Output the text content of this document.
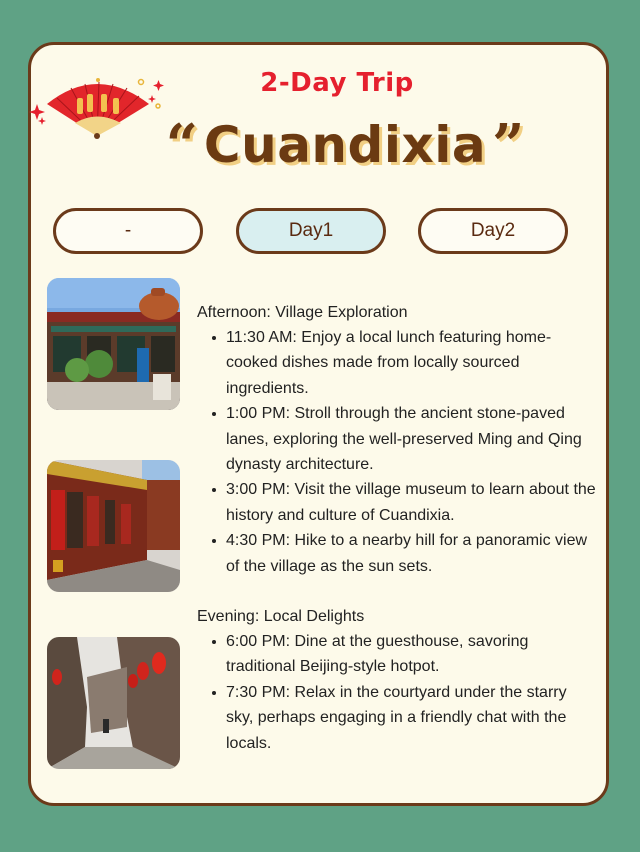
2-Day Trip
“ Cuandixia ”
-	Day1	Day2

Afternoon: Village Exploration

11:30 AM: Enjoy a local lunch featuring home-cooked dishes made from locally sourced ingredients.
1:00 PM: Stroll through the ancient stone-paved lanes, exploring the well-preserved Ming and Qing dynasty architecture.
3:00 PM: Visit the village museum to learn about the history and culture of Cuandixia.
4:30 PM: Hike to a nearby hill for a panoramic view of the village as the sun sets.

Evening: Local Delights

6:00 PM: Dine at the guesthouse, savoring traditional Beijing-style hotpot.
7:30 PM: Relax in the courtyard under the starry sky, perhaps engaging in a friendly chat with the locals.
